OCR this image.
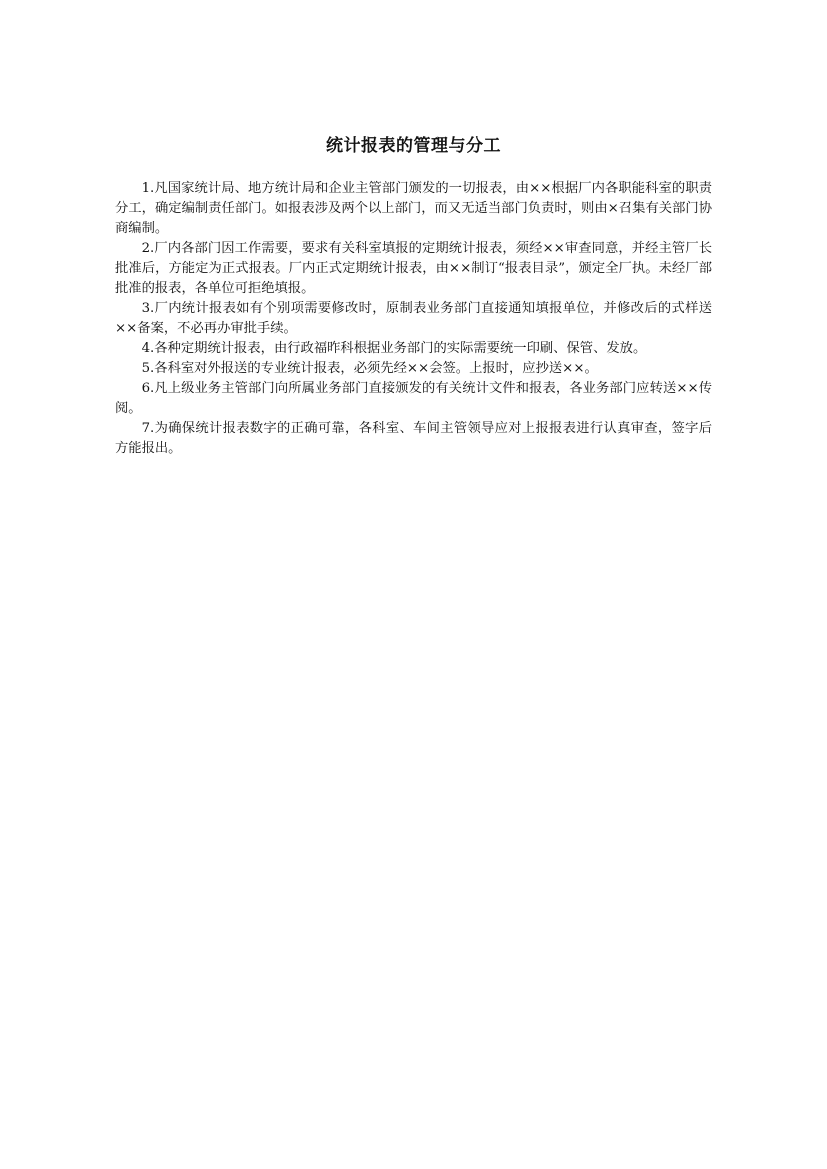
统计报表的管理与分工

1.凡国家统计局、地方统计局和企业主管部门颁发的一切报表，由××根据厂内各职能科室的职责分工，确定编制责任部门。如报表涉及两个以上部门，而又无适当部门负责时，则由×召集有关部门协商编制。

2.厂内各部门因工作需要，要求有关科室填报的定期统计报表，须经××审查同意，并经主管厂长批准后，方能定为正式报表。厂内正式定期统计报表，由××制订“报表目录”，颁定全厂执。未经厂部批准的报表，各单位可拒绝填报。

3.厂内统计报表如有个别项需要修改时，原制表业务部门直接通知填报单位，并修改后的式样送××备案，不必再办审批手续。

4.各种定期统计报表，由行政福昨科根据业务部门的实际需要统一印刷、保管、发放。

5.各科室对外报送的专业统计报表，必须先经××会签。上报时，应抄送××。

6.凡上级业务主管部门向所属业务部门直接颁发的有关统计文件和报表，各业务部门应转送××传阅。

7.为确保统计报表数字的正确可靠，各科室、车间主管领导应对上报报表进行认真审查，签字后方能报出。
